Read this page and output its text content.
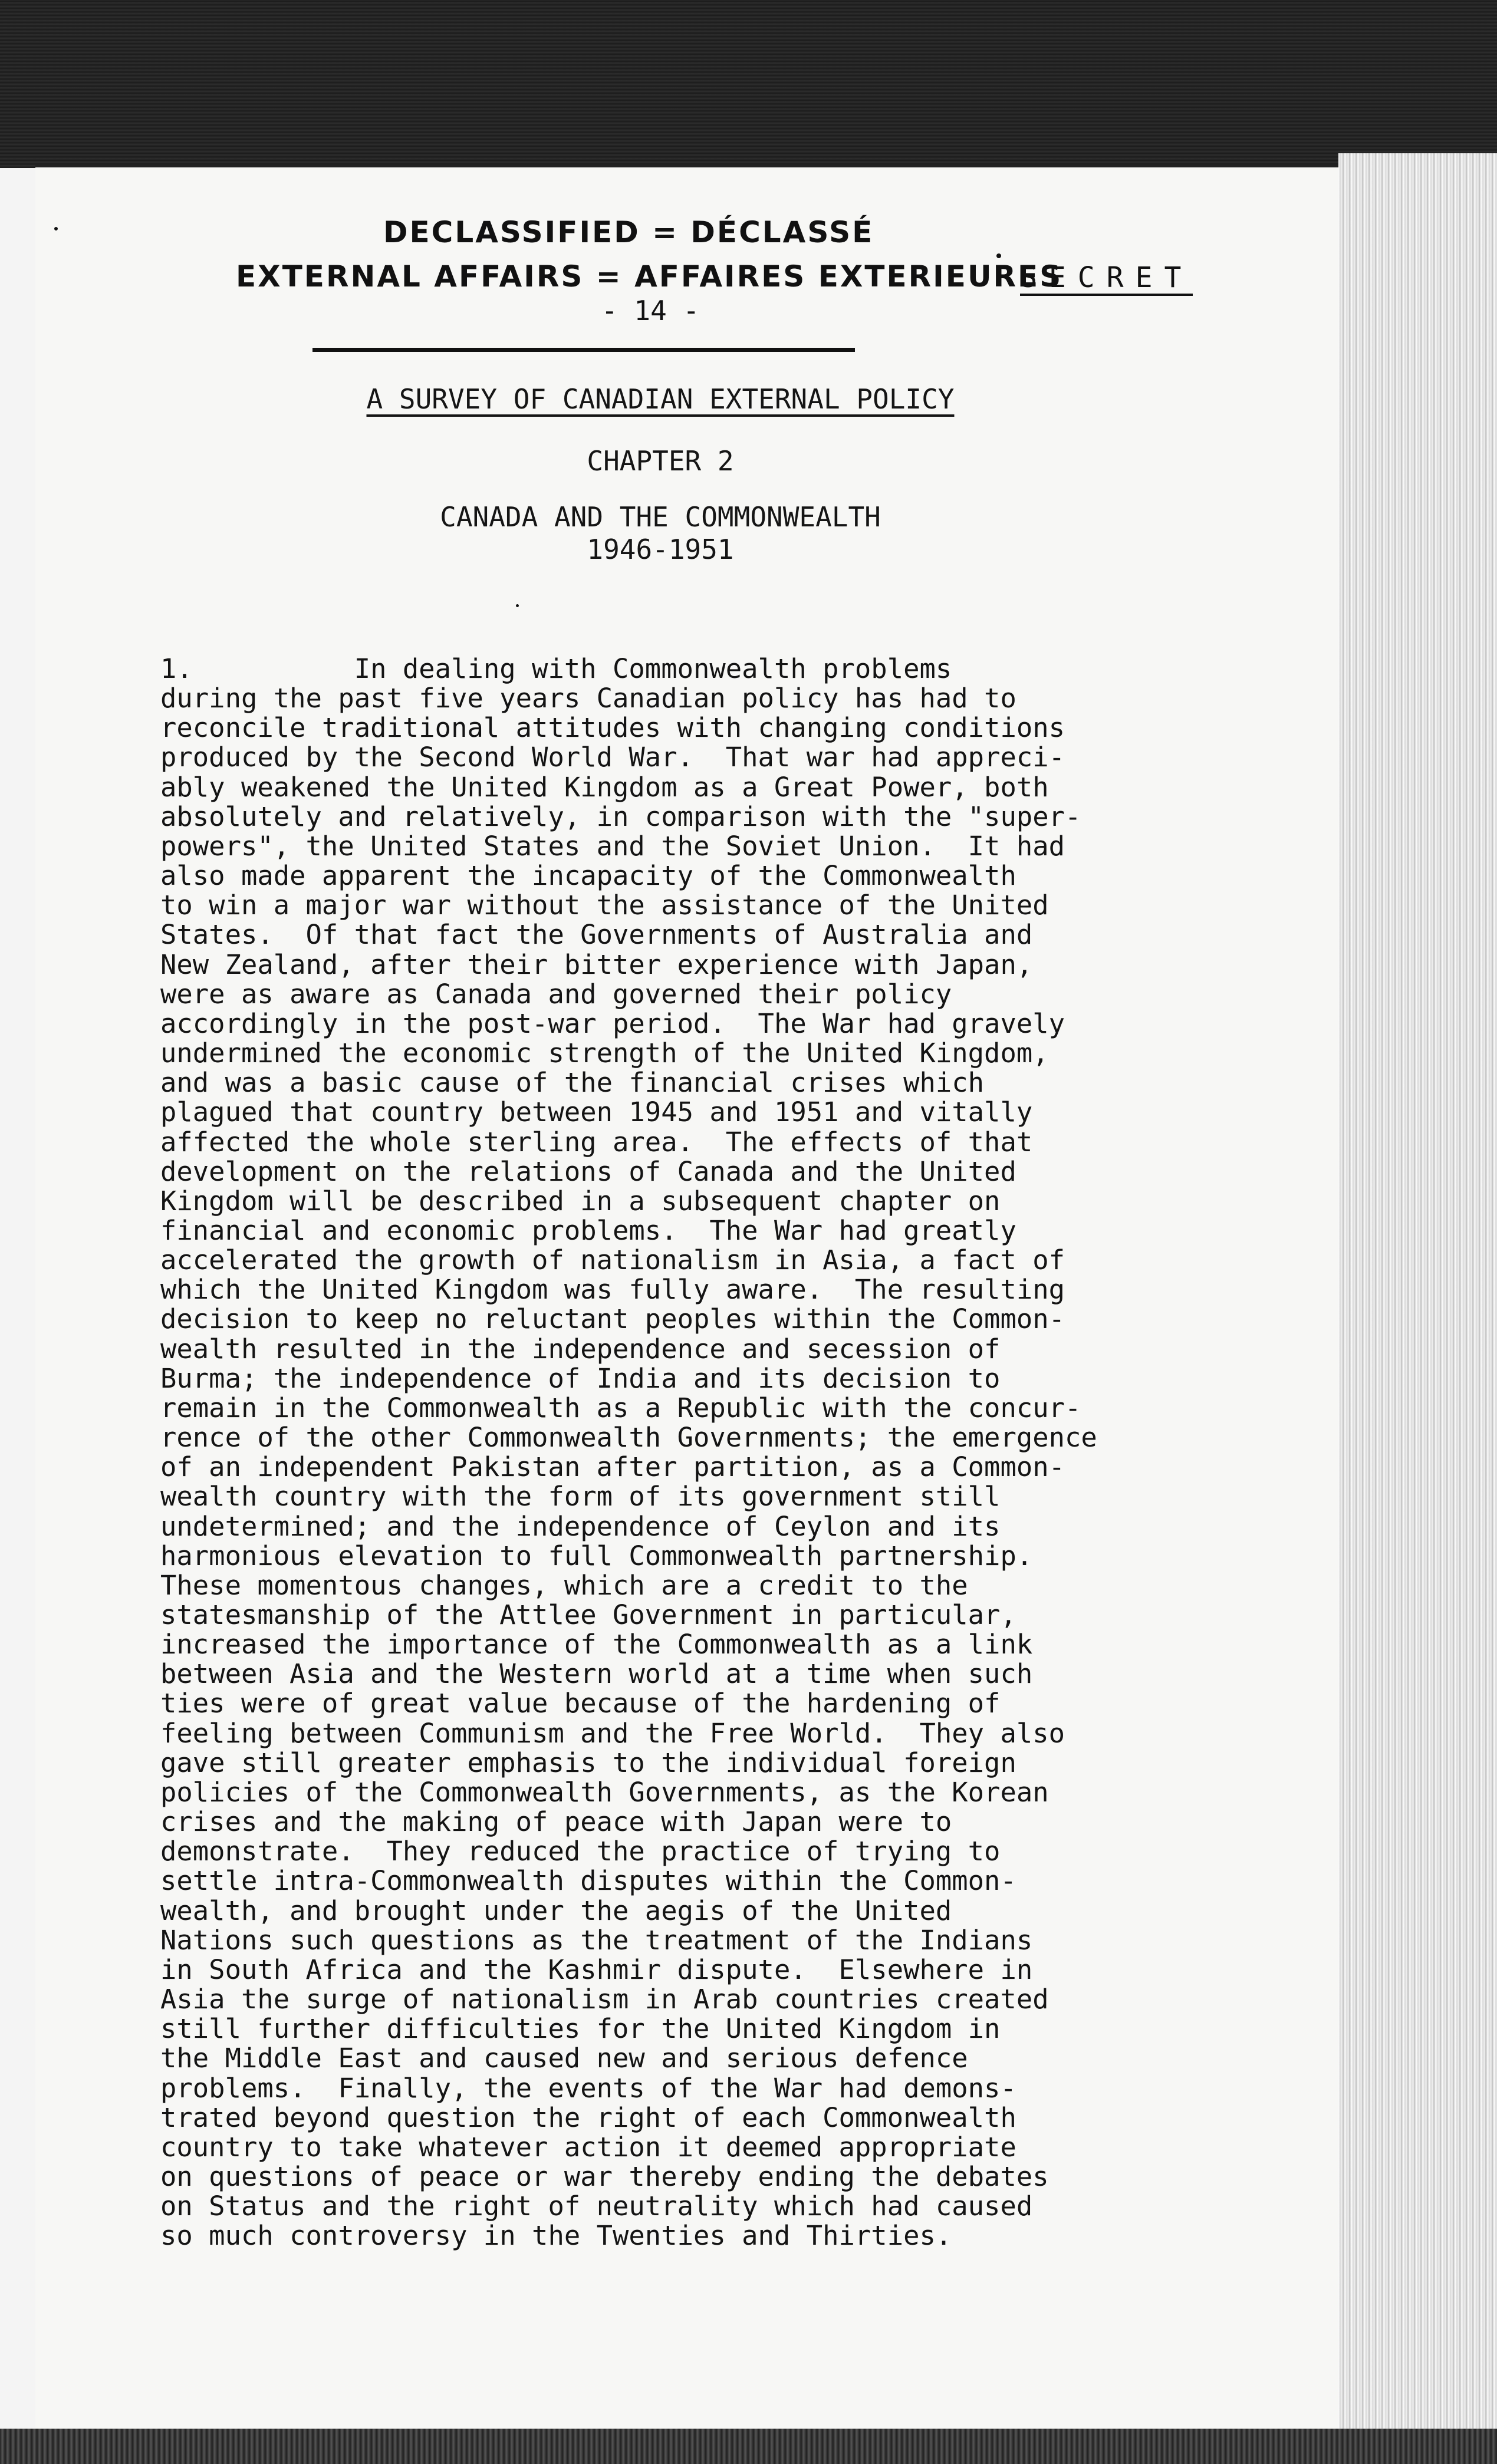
DECLASSIFIED = DÉCLASSÉ
EXTERNAL AFFAIRS = AFFAIRES EXTERIEURES
- 14 -
SECRET
A SURVEY OF CANADIAN EXTERNAL POLICY
CHAPTER 2
CANADA AND THE COMMONWEALTH
1946-1951
1.          In dealing with Commonwealth problems
during the past five years Canadian policy has had to
reconcile traditional attitudes with changing conditions
produced by the Second World War.  That war had appreci-
ably weakened the United Kingdom as a Great Power, both
absolutely and relatively, in comparison with the "super-
powers", the United States and the Soviet Union.  It had
also made apparent the incapacity of the Commonwealth
to win a major war without the assistance of the United
States.  Of that fact the Governments of Australia and
New Zealand, after their bitter experience with Japan,
were as aware as Canada and governed their policy
accordingly in the post-war period.  The War had gravely
undermined the economic strength of the United Kingdom,
and was a basic cause of the financial crises which
plagued that country between 1945 and 1951 and vitally
affected the whole sterling area.  The effects of that
development on the relations of Canada and the United
Kingdom will be described in a subsequent chapter on
financial and economic problems.  The War had greatly
accelerated the growth of nationalism in Asia, a fact of
which the United Kingdom was fully aware.  The resulting
decision to keep no reluctant peoples within the Common-
wealth resulted in the independence and secession of
Burma; the independence of India and its decision to
remain in the Commonwealth as a Republic with the concur-
rence of the other Commonwealth Governments; the emergence
of an independent Pakistan after partition, as a Common-
wealth country with the form of its government still
undetermined; and the independence of Ceylon and its
harmonious elevation to full Commonwealth partnership.
These momentous changes, which are a credit to the
statesmanship of the Attlee Government in particular,
increased the importance of the Commonwealth as a link
between Asia and the Western world at a time when such
ties were of great value because of the hardening of
feeling between Communism and the Free World.  They also
gave still greater emphasis to the individual foreign
policies of the Commonwealth Governments, as the Korean
crises and the making of peace with Japan were to
demonstrate.  They reduced the practice of trying to
settle intra-Commonwealth disputes within the Common-
wealth, and brought under the aegis of the United
Nations such questions as the treatment of the Indians
in South Africa and the Kashmir dispute.  Elsewhere in
Asia the surge of nationalism in Arab countries created
still further difficulties for the United Kingdom in
the Middle East and caused new and serious defence
problems.  Finally, the events of the War had demons-
trated beyond question the right of each Commonwealth
country to take whatever action it deemed appropriate
on questions of peace or war thereby ending the debates
on Status and the right of neutrality which had caused
so much controversy in the Twenties and Thirties.
